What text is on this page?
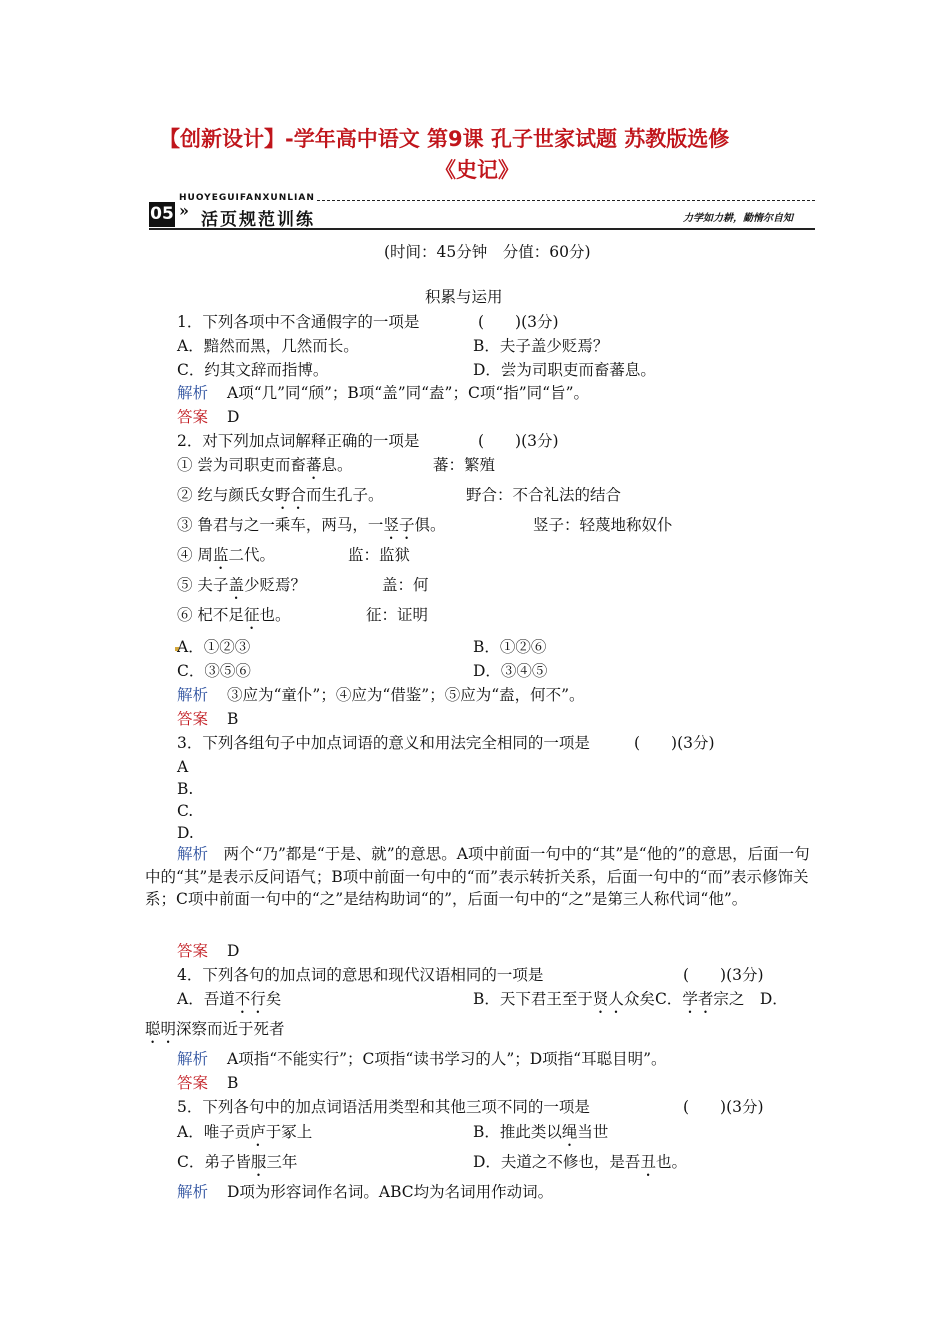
【创新设计】-学年高中语文 第9课 孔子世家试题 苏教版选修
《史记》
HUOYEGUIFANXUNLIAN
05 » 活页规范训练	力学如力耕，勤惰尔自知
(时间：45分钟　分值：60分)
积累与运用
1．下列各项中不含通假字的一项是	(　　)(3分)
A．黯然而黑，几然而长。	B．夫子盖少贬焉？
C．约其文辞而指博。	D．尝为司职吏而畜蕃息。
解析 A项“几”同“颀”；B项“盖”同“盍”；C项“指”同“旨”。
答案 D
2．对下列加点词解释正确的一项是	(　　)(3分)
① 尝为司职吏而畜蕃息。	蕃：繁殖
② 纥与颜氏女野合而生孔子。	野合：不合礼法的结合
③ 鲁君与之一乘车，两马，一竖子俱。	竖子：轻蔑地称奴仆
④ 周监二代。	监：监狱
⑤ 夫子盖少贬焉？	盖：何
⑥ 杞不足征也。	征：证明
A．①②③	B．①②⑥
C．③⑤⑥	D．③④⑤
解析 ③应为“童仆”；④应为“借鉴”；⑤应为“盍，何不”。
答案 B
3．下列各组句子中加点词语的意义和用法完全相同的一项是	(　　)(3分)
A
B.
C.
D.
解析　 两个“乃”都是“于是、就”的意思。A项中前面一句中的“其”是“他的”的意思，后面一句中的“其”是表示反问语气；B项中前面一句中的“而”表示转折关系，后面一句中的“而”表示修饰关系；C项中前面一句中的“之”是结构助词“的”，后面一句中的“之”是第三人称代词“他”。
答案 D
4．下列各句的加点词的意思和现代汉语相同的一项是	(　　)(3分)
A．吾道不行矣	B．天下君王至于贤人众矣C．学者宗之　 D．
聪明深察而近于死者
解析 A项指“不能实行”；C项指“读书学习的人”；D项指“耳聪目明”。
答案 B
5．下列各句中的加点词语活用类型和其他三项不同的一项是	(　　)(3分)
A．唯子贡庐于冢上	B．推此类以绳当世
C．弟子皆服三年	D．夫道之不修也，是吾丑也。
解析 D项为形容词作名词。ABC均为名词用作动词。
